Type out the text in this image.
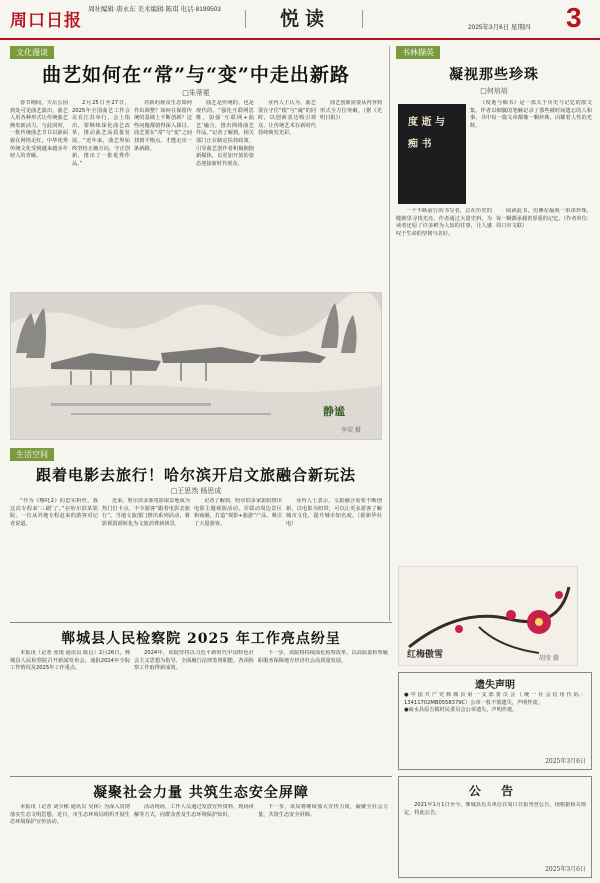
周口日报
周社编辑·唐永东 美术编辑·陈琪 电话·8199503	悦读	2025年3月6日 星期四 3
文化漫谈
曲艺如何在“常”与“变”中走出新路
□朱蒂冕

春节期间，天坛公园到处可见曲艺演出，曲艺人用各种形式让传统曲艺焕发新活力。与此同时，一批传统曲艺节目以新面貌在网络走红，中华优秀传统文化受到越来越多年轻人的青睐。

2月25日至27日，2025年全国曲艺工作会议在江苏举行，会上指出，要继续深化曲艺改革，推动曲艺高质量发展。“近年来，曲艺界始终坚持正确方向，守正创新，推出了一批优秀作品。”

对新的观众生态如何作出调整？如何在保留传统的基础上不断创新？这些问题都值得深入探讨。曲艺要在“常”与“变”之间找到平衡点，才能走出一条新路。

曲艺是传统的，也是现代的。“强化互联网思维，加强‘互联网+曲艺’融合，推出网络曲艺作品。”记者了解到，相关部门正在制定扶持政策，引导曲艺创作者积极拥抱新媒体，以更加开放的姿态迎接新时代观众。

业内人士认为，曲艺要在守住“根”与“魂”的同时，以创新表达吸引观众，让传统艺术在新时代持续焕发光彩。

曲艺创新需要从内容到形式全方位突破。（据《光明日报》）

静谧
李荣 摄
生活空间
跟着电影去旅行！哈尔滨开启文旅融合新玩法
□王思然 杨思成

“作为《哪吒2》的忠实粉丝，我这次专程来‘三刷’了。”在哈尔滨某影院，一位从外地专程赶来的游客对记者说道。

近来，哈尔滨多部电影取景地成为热门打卡点，不少游客“跟着电影去旅行”。当地文旅部门推出系列活动，将影视资源转化为文旅消费新场景。

记者了解到，哈尔滨多家影院推出电影主题观影活动，并联动周边景区和商圈，打造“观影+旅游”产品，吸引了大量游客。

业内人士表示，文旅融合需要不断创新，以电影为纽带，可以让更多游客了解城市文化，提升城市知名度。（据新华社电）

书林撷英
凝视那些珍珠
□何培培
度 逝 与 痴 书

《度逝与痴书》是一部关于历史与记忆的散文集，作者以细腻的笔触记录了那些被时间遗忘的人和事。书中每一篇文章都像一颗珍珠，闪耀着人性的光辉。

一个不断前行的书写者，总在历史的缝隙里寻找光亮。作者通过大量史料，为读者还原了许多鲜为人知的往事，让人感叹于生命的坚韧与美好。

阅读此书，仿佛在凝视一串串珍珠，每一颗都承载着厚重的记忆。（作者单位：周口市文联）

红梅傲雪	胡莹 摄
郸城县人民检察院 2025 年工作亮点纷呈

本报讯（记者 张雨 通讯员 陈昌）2月26日，郸城县人民检察院召开新闻发布会，通报2024年全院工作情况及2025年工作重点。

2024年，该院坚持以习近平新时代中国特色社会主义思想为指导，全面履行法律监督职能，各项检察工作取得新成效。

下一步，该院将持续深化检察改革，以高质量检察履职服务保障地方经济社会高质量发展。

遗失声明
●中国共产党郸城县第一支部委员会（统一社会信用代码：13411702MB0558379C）公章一枚不慎遗失，声明作废。
●商水县原吉镇村民委员会公章遗失，声明作废。
2025年3月6日
凝聚社会力量 共筑生态安全屏障

本报讯（记者 刘少彬 通讯员 吴林）为深入贯彻落实生态文明思想，近日，市生态环境局组织开展生态环境保护宣传活动。

活动现场，工作人员通过发放宣传资料、现场讲解等方式，向群众普及生态环境保护知识。

下一步，该局将继续加大宣传力度，凝聚全社会力量，共筑生态安全屏障。

公 告

2021年1月1日至今，郸城县有关单位在周口日报刊登公告，现根据相关规定，特此公告。

2025年3月6日
